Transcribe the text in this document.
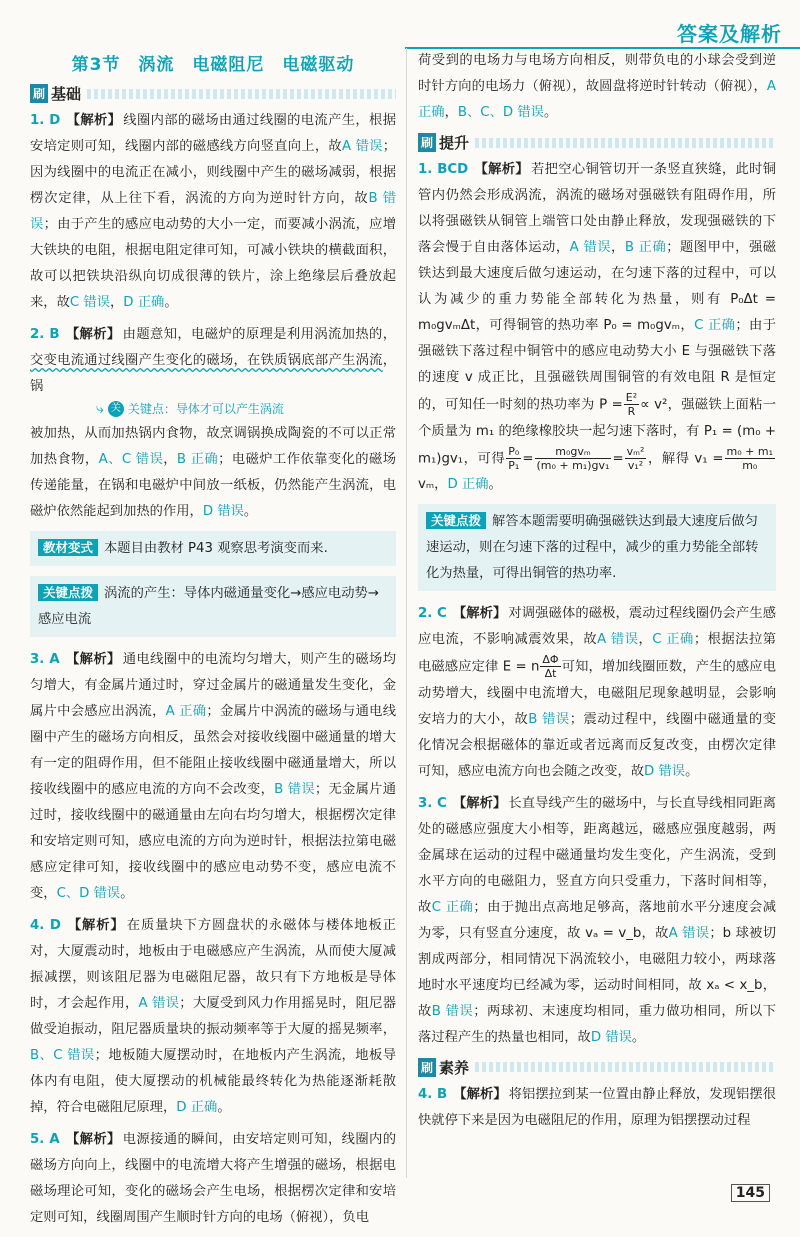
答案及解析
第3节　涡流　电磁阻尼　电磁驱动
刷 基础

1. D 【解析】 线圈内部的磁场由通过线圈的电流产生，根据安培定则可知，线圈内部的磁感线方向竖直向上，故A 错误；因为线圈中的电流正在减小，则线圈中产生的磁场减弱，根据楞次定律，从上往下看，涡流的方向为逆时针方向，故B 错误；由于产生的感应电动势的大小一定，而要减小涡流，应增大铁块的电阻，根据电阻定律可知，可减小铁块的横截面积，故可以把铁块沿纵向切成很薄的铁片，涂上绝缘层后叠放起来，故C 错误，D 正确。

2. B 【解析】 由题意知，电磁炉的原理是利用涡流加热的，交变电流通过线圈产生变化的磁场，在铁质锅底部产生涡流，锅

⤷ 关 关键点：导体才可以产生涡流

被加热，从而加热锅内食物，故烹调锅换成陶瓷的不可以正常加热食物，A、C 错误，B 正确；电磁炉工作依靠变化的磁场传递能量，在锅和电磁炉中间放一纸板，仍然能产生涡流，电磁炉依然能起到加热的作用，D 错误。

教材变式 本题目由教材 P43 观察思考演变而来.
关键点拨 涡流的产生：导体内磁通量变化→感应电动势→感应电流

3. A 【解析】 通电线圈中的电流均匀增大，则产生的磁场均匀增大，有金属片通过时，穿过金属片的磁通量发生变化，金属片中会感应出涡流，A 正确；金属片中涡流的磁场与通电线圈中产生的磁场方向相反，虽然会对接收线圈中磁通量的增大有一定的阻碍作用，但不能阻止接收线圈中磁通量增大，所以接收线圈中的感应电流的方向不会改变，B 错误；无金属片通过时，接收线圈中的磁通量由左向右均匀增大，根据楞次定律和安培定则可知，感应电流的方向为逆时针，根据法拉第电磁感应定律可知，接收线圈中的感应电动势不变，感应电流不变，C、D 错误。

4. D 【解析】 在质量块下方圆盘状的永磁体与楼体地板正对，大厦震动时，地板由于电磁感应产生涡流，从而使大厦减振减摆，则该阻尼器为电磁阻尼器，故只有下方地板是导体时，才会起作用，A 错误；大厦受到风力作用摇晃时，阻尼器做受迫振动，阻尼器质量块的振动频率等于大厦的摇晃频率，B、C 错误；地板随大厦摆动时，在地板内产生涡流，地板导体内有电阻，使大厦摆动的机械能最终转化为热能逐渐耗散掉，符合电磁阻尼原理，D 正确。

5. A 【解析】 电源接通的瞬间，由安培定则可知，线圈内的磁场方向向上，线圈中的电流增大将产生增强的磁场，根据电磁场理论可知，变化的磁场会产生电场，根据楞次定律和安培定则可知，线圈周围产生顺时针方向的电场（俯视），负电

荷受到的电场力与电场方向相反，则带负电的小球会受到逆时针方向的电场力（俯视），故圆盘将逆时针转动（俯视），A 正确，B、C、D 错误。

刷 提升

1. BCD 【解析】 若把空心铜管切开一条竖直狭缝，此时铜管内仍然会形成涡流，涡流的磁场对强磁铁有阻碍作用，所以将强磁铁从铜管上端管口处由静止释放，发现强磁铁的下落会慢于自由落体运动，A 错误，B 正确；题图甲中，强磁铁达到最大速度后做匀速运动，在匀速下落的过程中，可以认为减少的重力势能全部转化为热量，则有 P₀Δt = m₀gvₘΔt，可得铜管的热功率 P₀ = m₀gvₘ，C 正确；由于强磁铁下落过程中铜管中的感应电动势大小 E 与强磁铁下落的速度 v 成正比，且强磁铁周围铜管的有效电阻 R 是恒定的，可知任一时刻的热功率为 $P = \frac{\text{E²}}{R} \propto v^2$，强磁铁上面粘一个质量为 m₁ 的绝缘橡胶块一起匀速下落时，有 P₁ = (m₀ + m₁)gv₁，可得 $\frac{\text{P₀}}{\text{P₁}} = \frac{\text{m₀gvₘ}}{\text{(m₀ + m₁)gv₁}} = \frac{\text{vₘ²}}{\text{v₁²}}$ ，解得 $v_1 = \frac{\text{m₀ + m₁}}{\text{m₀}}$
vₘ，D 正确。

关键点拨 解答本题需要明确强磁铁达到最大速度后做匀速运动，则在匀速下落的过程中，减少的重力势能全部转化为热量，可得出铜管的热功率.

2. C 【解析】 对调强磁体的磁极，震动过程线圈仍会产生感应电流，不影响减震效果，故A 错误，C 正确；根据法拉第电磁感应定律 E = n $\frac{\Delta\Phi}{\Delta t}$ 可知，增加线圈匝数，产生的感应电动势增大，线圈中电流增大，电磁阻尼现象越明显，会影响安培力的大小，故B 错误；震动过程中，线圈中磁通量的变化情况会根据磁体的靠近或者远离而反复改变，由楞次定律可知，感应电流方向也会随之改变，故D 错误。

3. C 【解析】 长直导线产生的磁场中，与长直导线相同距离处的磁感应强度大小相等，距离越远，磁感应强度越弱，两金属球在运动的过程中磁通量均发生变化，产生涡流，受到水平方向的电磁阻力，竖直方向只受重力，下落时间相等，故C 正确；由于抛出点高地足够高，落地前水平分速度会减为零，只有竖直分速度，故 vₐ = v_b，故A 错误；b 球被切割成两部分，相同情况下涡流较小，电磁阻力较小，两球落地时水平速度均已经减为零，运动时间相同，故 xₐ < x_b，故B 错误；两球初、末速度均相同，重力做功相同，所以下落过程产生的热量也相同，故D 错误。

刷 素养

4. B 【解析】 将铝摆拉到某一位置由静止释放，发现铝摆很快就停下来是因为电磁阻尼的作用，原理为铝摆摆动过程

145
